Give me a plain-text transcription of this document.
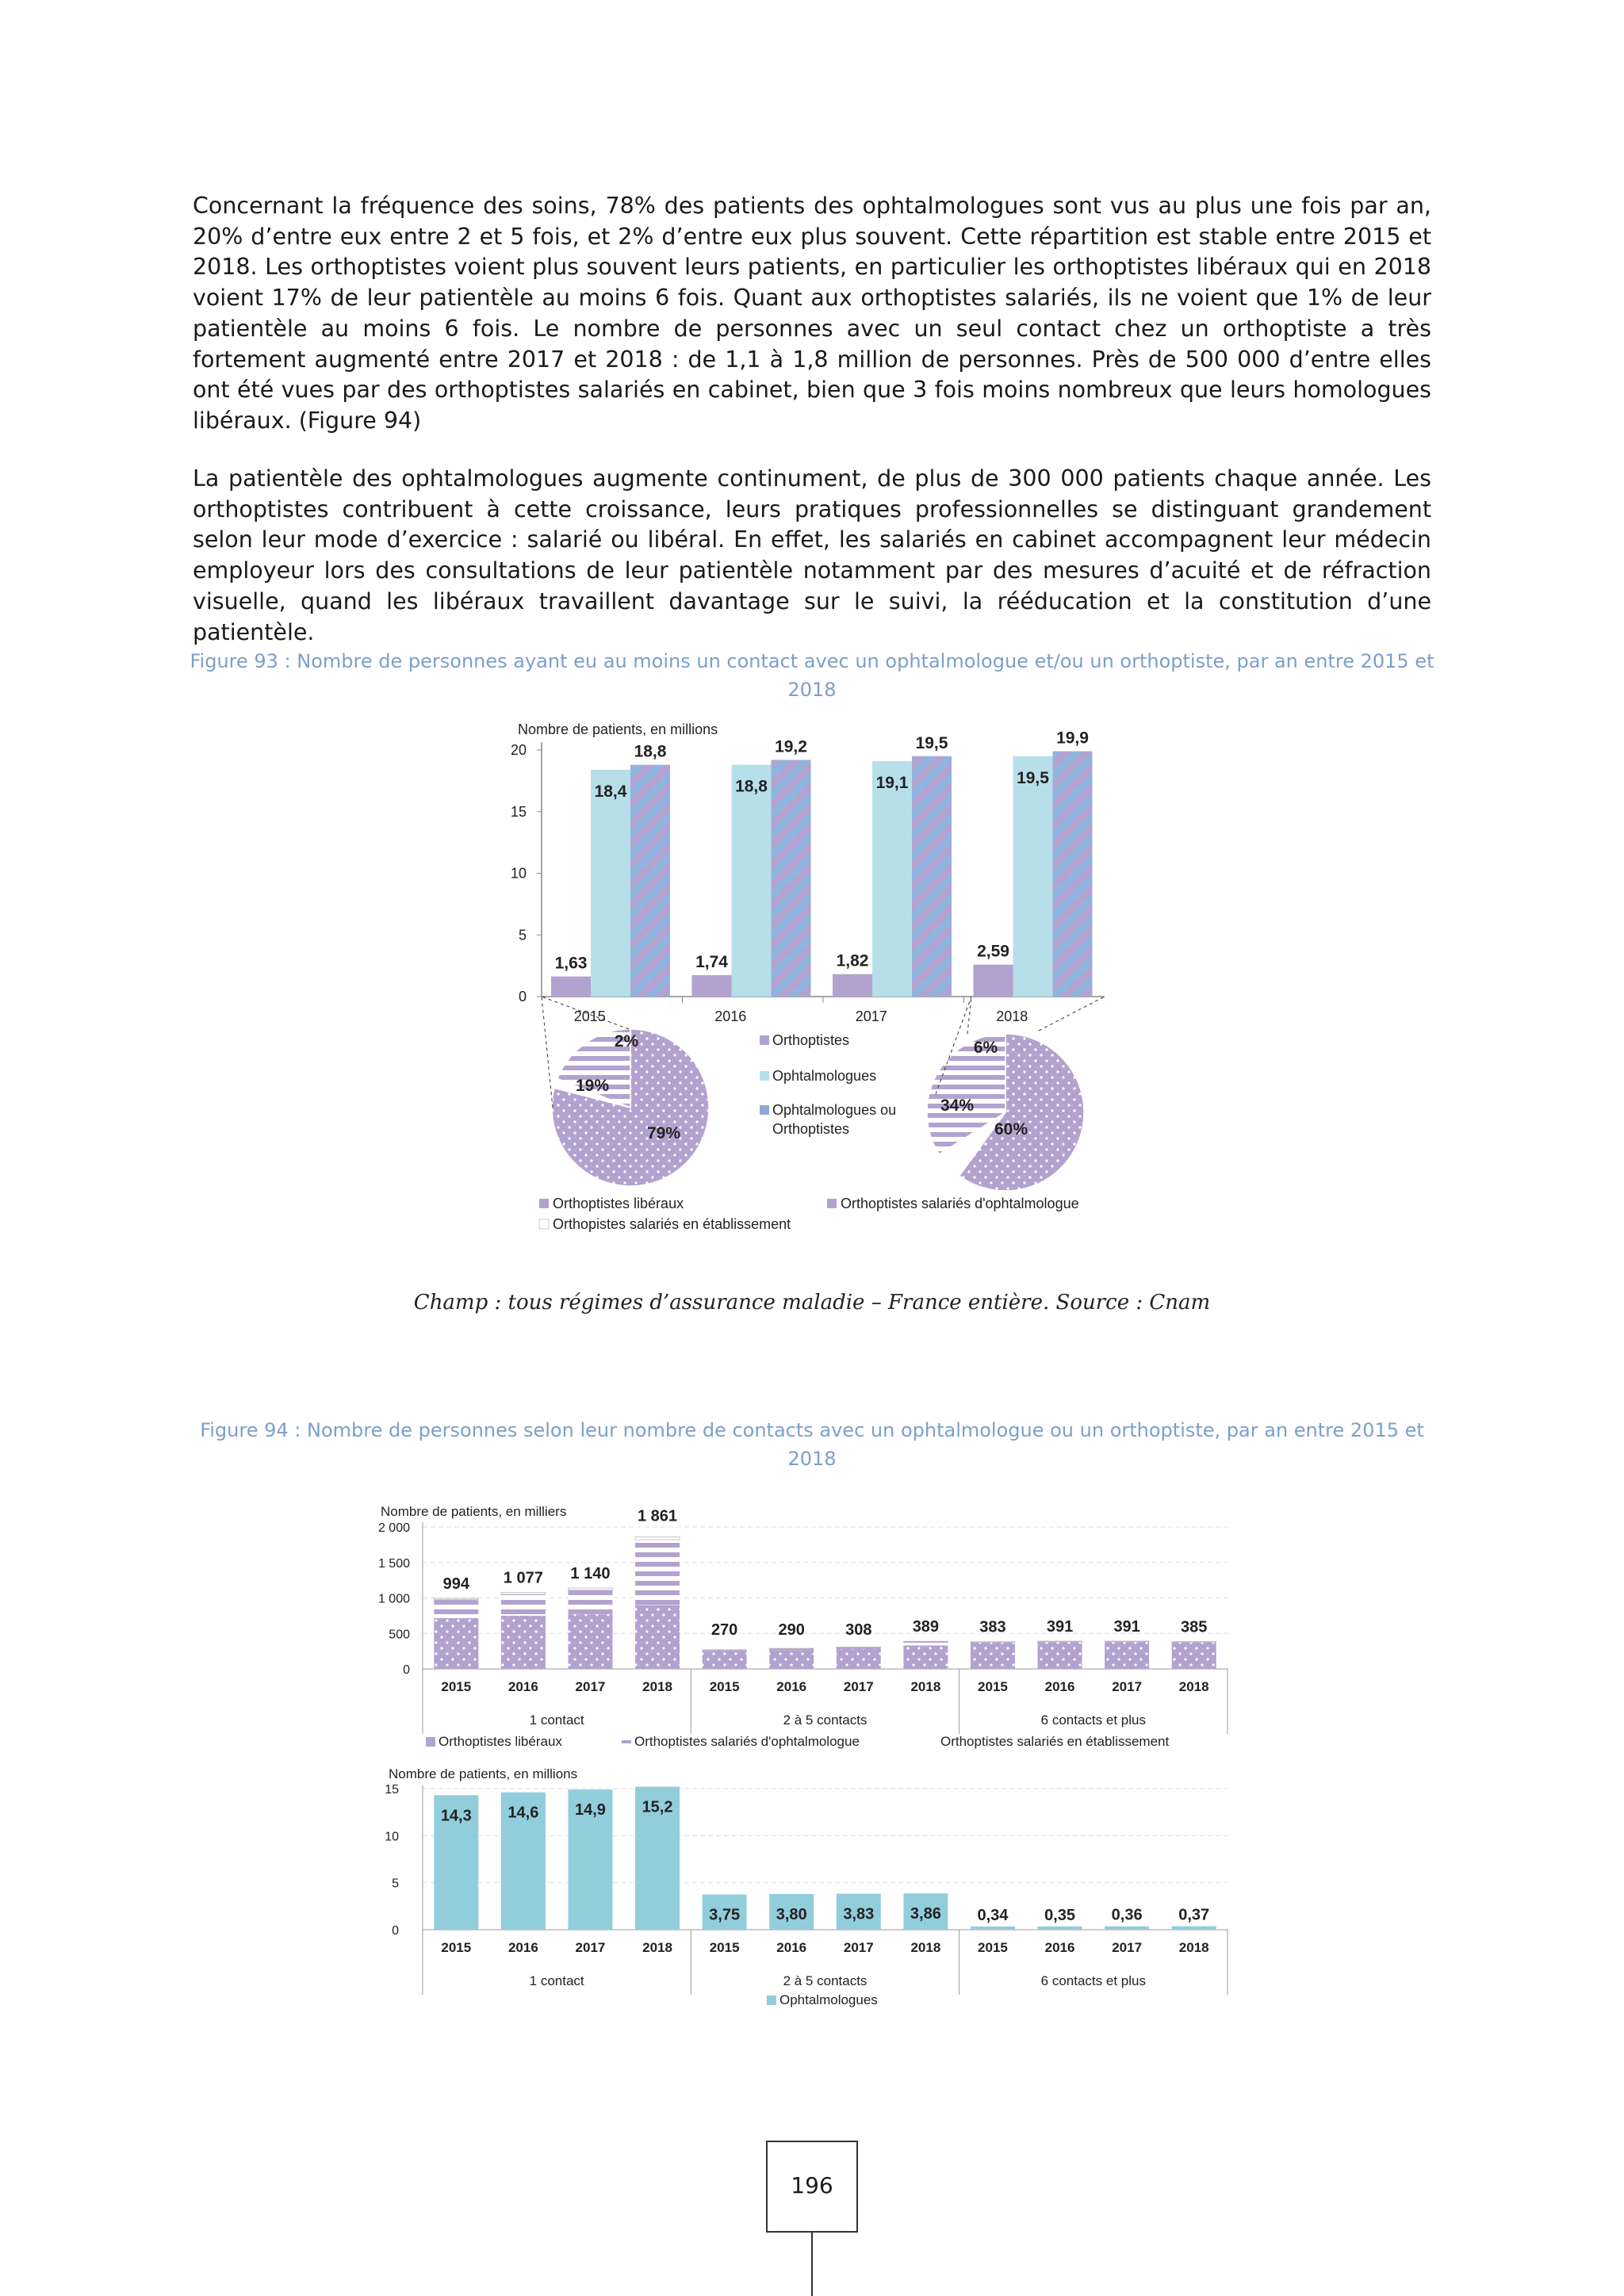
Concernant la fréquence des soins, 78% des patients des ophtalmologues sont vus au plus une fois par an, 20% d’entre eux entre 2 et 5 fois, et 2% d’entre eux plus souvent. Cette répartition est stable entre 2015 et 2018. Les orthoptistes voient plus souvent leurs patients, en particulier les orthoptistes libéraux qui en 2018 voient 17% de leur patientèle au moins 6 fois. Quant aux orthoptistes salariés, ils ne voient que 1% de leur patientèle au moins 6 fois. Le nombre de personnes avec un seul contact chez un orthoptiste a très fortement augmenté entre 2017 et 2018 : de 1,1 à 1,8 million de personnes. Près de 500 000 d’entre elles ont été vues par des orthoptistes salariés en cabinet, bien que 3 fois moins nombreux que leurs homologues libéraux. (Figure 94)

La patientèle des ophtalmologues augmente continument, de plus de 300 000 patients chaque année. Les orthoptistes contribuent à cette croissance, leurs pratiques professionnelles se distinguant grandement selon leur mode d’exercice : salarié ou libéral. En effet, les salariés en cabinet accompagnent leur médecin employeur lors des consultations de leur patientèle notamment par des mesures d’acuité et de réfraction visuelle, quand les libéraux travaillent davantage sur le suivi, la rééducation et la constitution d’une patientèle.

Figure 93 : Nombre de personnes ayant eu au moins un contact avec un ophtalmologue et/ou un orthoptiste, par an entre 2015 et 2018

Nombre de patients, en millions
0
5
10
15
20
2015	2016	2017	2018
1,63
18,4
18,8
1,74
18,8
19,2
1,82
19,1
19,5
2,59
19,5
19,9
79%
2%
19%
60%
6%
34%
Orthoptistes
Ophtalmologues
Ophtalmologues ou
Orthoptistes
Orthoptistes libéraux	Orthoptistes salariés d'ophtalmologue
Orthopistes salariés en établissement

Champ : tous régimes d’assurance maladie – France entière. Source : Cnam

Figure 94 : Nombre de personnes selon leur nombre de contacts avec un ophtalmologue ou un orthoptiste, par an entre 2015 et 2018

Nombre de patients, en milliers
0
500
1 000
1 500
2 000
994 1 077 1 140
1 861
270	290	308	389	383	391	391	385
2015	2016	2017	2018	2015	2016	2017	2018	2015	2016	2017	2018
1 contact	2 à 5 contacts	6 contacts et plus
Orthoptistes libéraux	Orthoptistes salariés d'ophtalmologue	Orthoptistes salariés en établissement
Nombre de patients, en millions
0
5
10
15
14,3 14,6 14,9 15,2
3,75 3,80 3,83 3,86 0,34 0,35 0,36 0,37
2015	2016	2017	2018	2015	2016	2017	2018	2015	2016	2017	2018
1 contact	2 à 5 contacts	6 contacts et plus
Ophtalmologues
196
